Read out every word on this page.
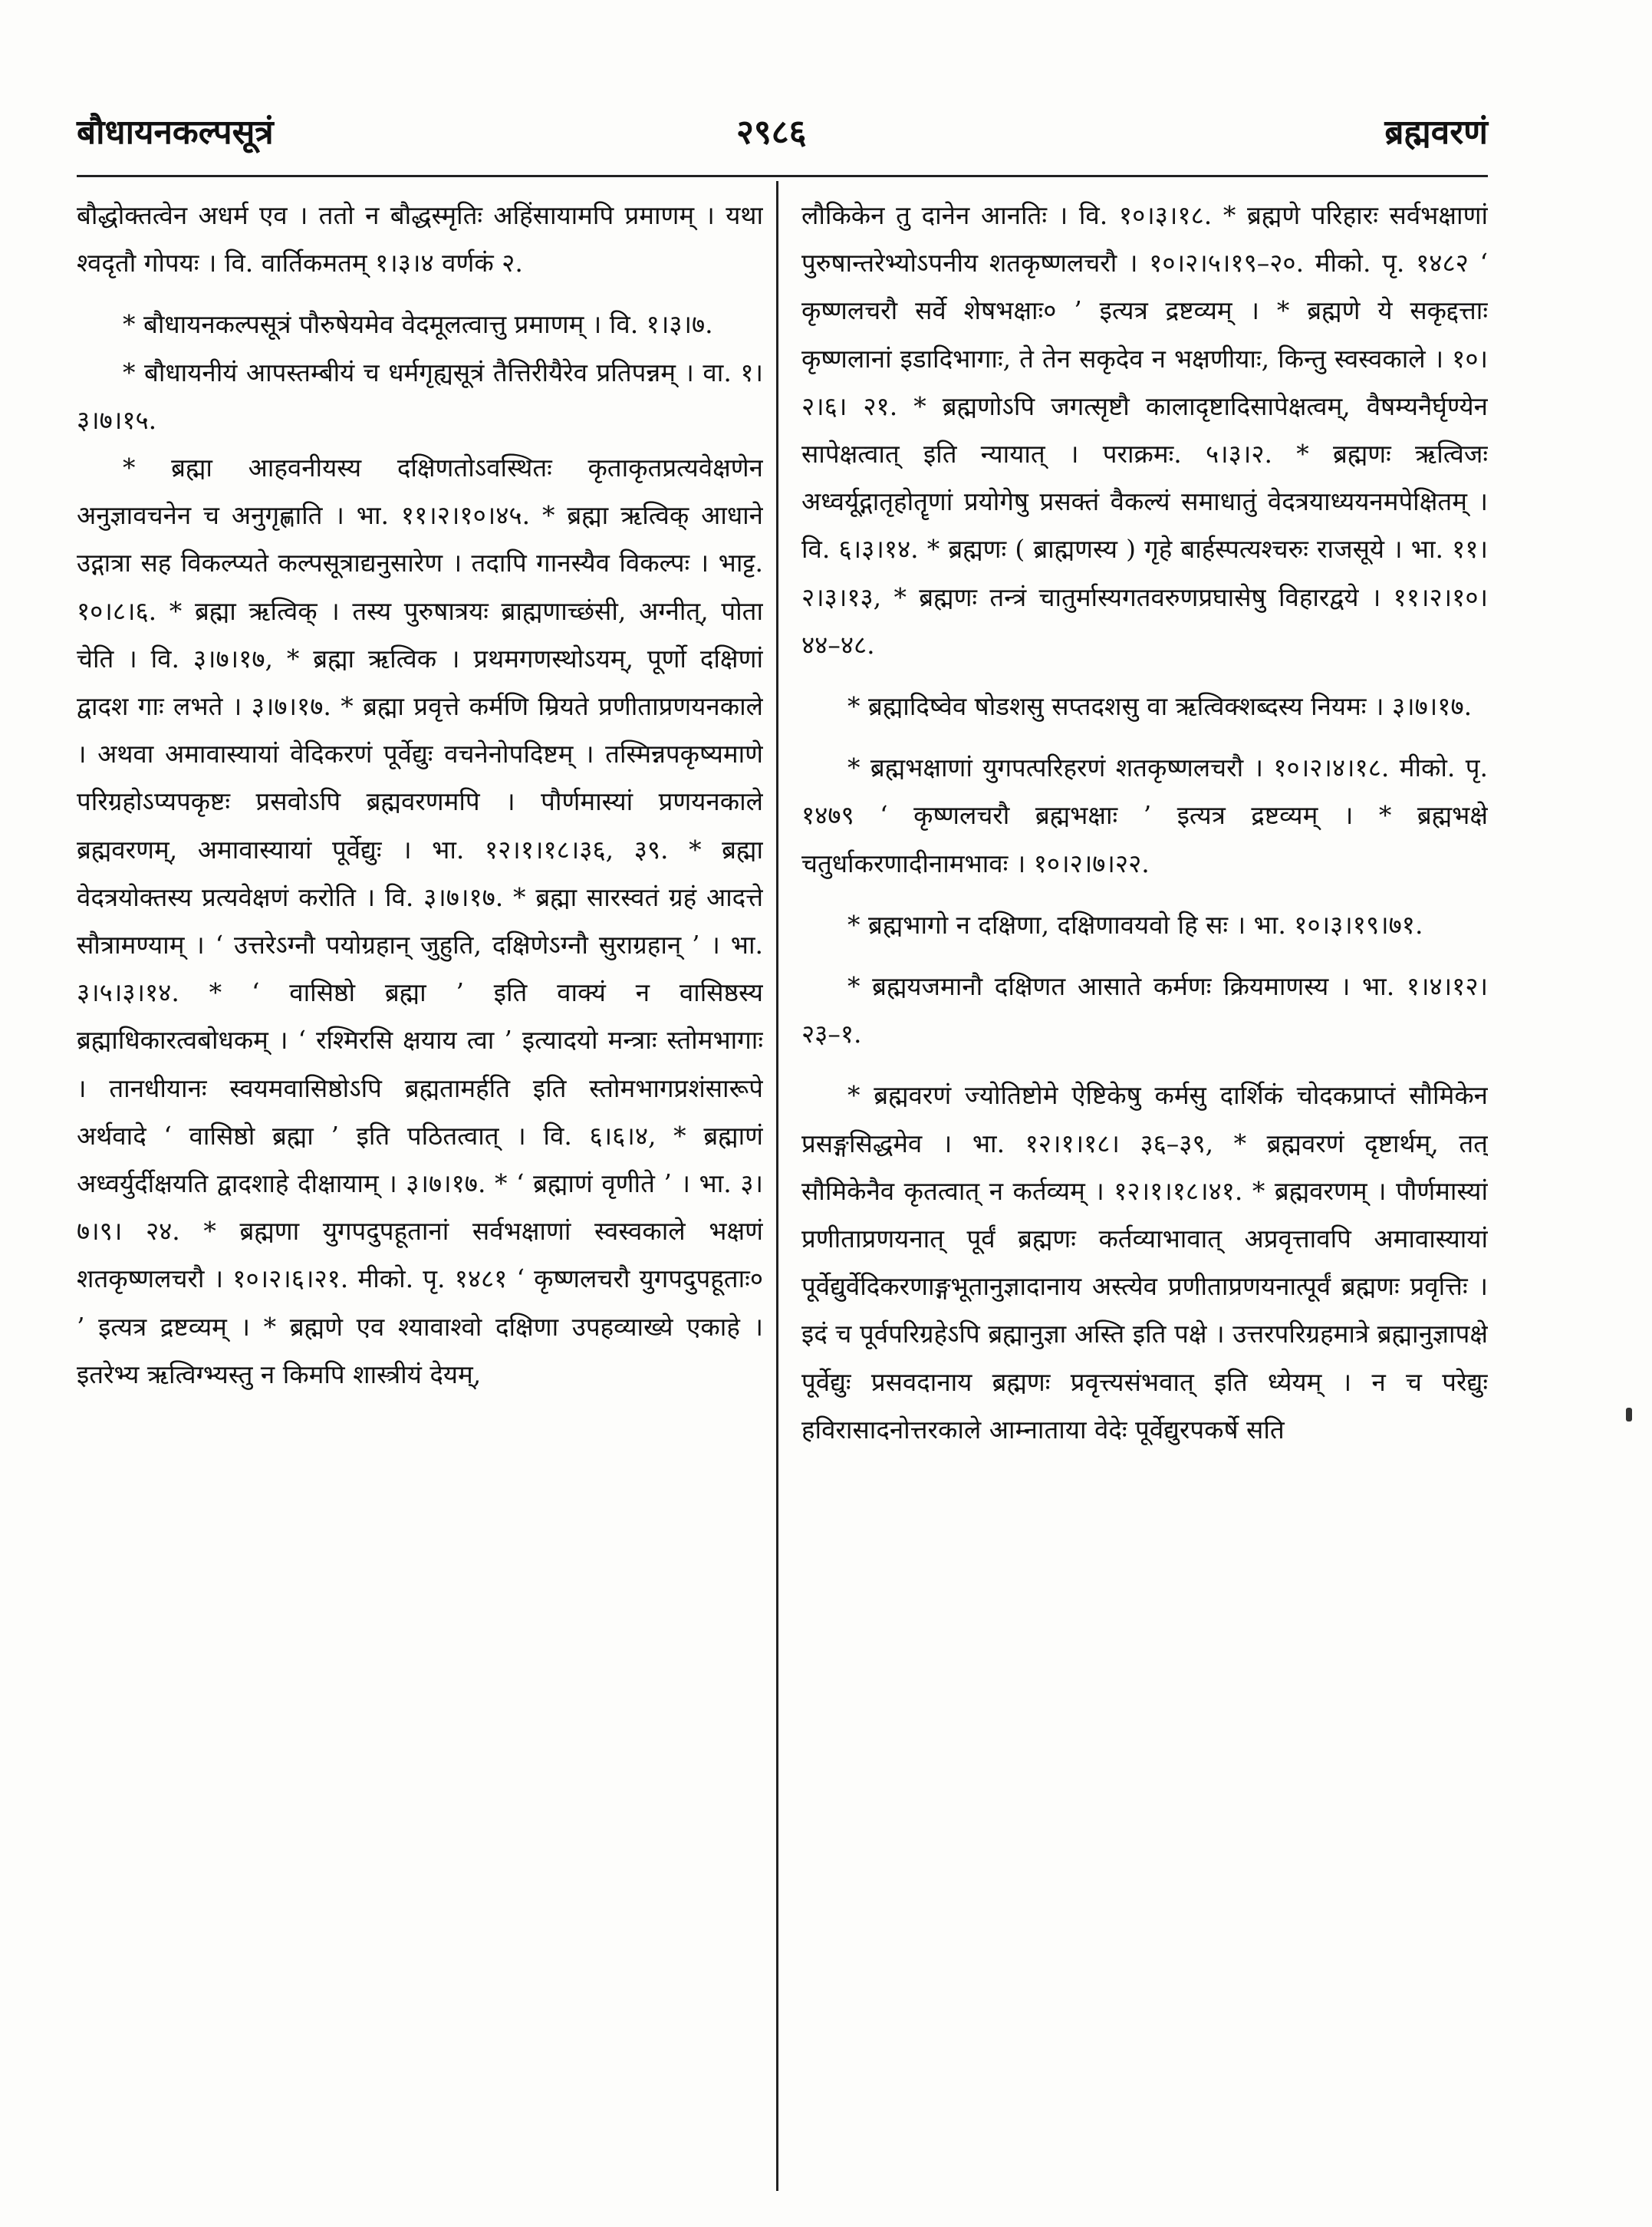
बौधायनकल्पसूत्रं	२९८६	ब्रह्मवरणं

बौद्धोक्तत्वेन अधर्म एव । ततो न बौद्धस्मृतिः अहिंसायामपि प्रमाणम् । यथा श्वदृतौ गोपयः । वि. वार्तिकमतम् १।३।४ वर्णकं २.

* बौधायनकल्पसूत्रं पौरुषेयमेव वेदमूलत्वात्तु प्रमाणम् । वि. १।३।७.

* बौधायनीयं आपस्तम्बीयं च धर्मगृह्यसूत्रं तैत्तिरीयैरेव प्रतिपन्नम् । वा. १।३।७।१५.

* ब्रह्मा आहवनीयस्य दक्षिणतोऽवस्थितः कृताकृतप्रत्यवेक्षणेन अनुज्ञावचनेन च अनुगृह्णाति । भा. ११।२।१०।४५. * ब्रह्मा ऋत्विक् आधाने उद्गात्रा सह विकल्प्यते कल्पसूत्राद्यनुसारेण । तदापि गानस्यैव विकल्पः । भाट्ट. १०।८।६. * ब्रह्मा ऋत्विक् । तस्य पुरुषात्रयः ब्राह्मणाच्छंसी, अग्नीत्, पोता चेति । वि. ३।७।१७, * ब्रह्मा ऋत्विक । प्रथमगणस्थोऽयम्, पूर्णो दक्षिणां द्वादश गाः लभते । ३।७।१७. * ब्रह्मा प्रवृत्ते कर्मणि म्रियते प्रणीताप्रणयनकाले । अथवा अमावास्यायां वेदिकरणं पूर्वेद्युः वचनेनोपदिष्टम् । तस्मिन्नपकृष्यमाणे परिग्रहोऽप्यपकृष्टः प्रसवोऽपि ब्रह्मवरणमपि । पौर्णमास्यां प्रणयनकाले ब्रह्मवरणम्, अमावास्यायां पूर्वेद्युः । भा. १२।१।१८।३६, ३९. * ब्रह्मा वेदत्रयोक्तस्य प्रत्यवेक्षणं करोति । वि. ३।७।१७. * ब्रह्मा सारस्वतं ग्रहं आदत्ते सौत्रामण्याम् । ‘ उत्तरेऽग्नौ पयोग्रहान् जुहुति, दक्षिणेऽग्नौ सुराग्रहान् ’ । भा. ३।५।३।१४. * ‘ वासिष्ठो ब्रह्मा ’ इति वाक्यं न वासिष्ठस्य ब्रह्माधिकारत्वबोधकम् । ‘ रश्मिरसि क्षयाय त्वा ’ इत्यादयो मन्त्राः स्तोमभागाः । तानधीयानः स्वयमवासिष्ठोऽपि ब्रह्मतामर्हति इति स्तोमभागप्रशंसारूपे अर्थवादे ‘ वासिष्ठो ब्रह्मा ’ इति पठितत्वात् । वि. ६।६।४, * ब्रह्माणं अध्वर्युर्दीक्षयति द्वादशाहे दीक्षायाम् । ३।७।१७. * ‘ ब्रह्माणं वृणीते ’ । भा. ३।७।९। २४. * ब्रह्मणा युगपदुपहूतानां सर्वभक्षाणां स्वस्वकाले भक्षणं शतकृष्णलचरौ । १०।२।६।२१. मीको. पृ. १४८१ ‘ कृष्णलचरौ युगपदुपहूताः० ’ इत्यत्र द्रष्टव्यम् । * ब्रह्मणे एव श्यावाश्वो दक्षिणा उपहव्याख्ये एकाहे । इतरेभ्य ऋत्विग्भ्यस्तु न किमपि शास्त्रीयं देयम्,

लौकिकेन तु दानेन आनतिः । वि. १०।३।१८. * ब्रह्मणे परिहारः सर्वभक्षाणां पुरुषान्तरेभ्योऽपनीय शतकृष्णलचरौ । १०।२।५।१९–२०. मीको. पृ. १४८२ ‘ कृष्णलचरौ सर्वे शेषभक्षाः० ’ इत्यत्र द्रष्टव्यम् । * ब्रह्मणे ये सकृद्दत्ताः कृष्णलानां इडादिभागाः, ते तेन सकृदेव न भक्षणीयाः, किन्तु स्वस्वकाले । १०।२।६। २१. * ब्रह्मणोऽपि जगत्सृष्टौ कालादृष्टादिसापेक्षत्वम्, वैषम्यनैर्घृण्येन सापेक्षत्वात् इति न्यायात् । पराक्रमः. ५।३।२. * ब्रह्मणः ऋत्विजः अध्वर्यूद्गातृहोतॄणां प्रयोगेषु प्रसक्तं वैकल्यं समाधातुं वेदत्रयाध्ययनमपेक्षितम् । वि. ६।३।१४. * ब्रह्मणः ( ब्राह्मणस्य ) गृहे बार्हस्पत्यश्चरुः राजसूये । भा. ११।२।३।१३, * ब्रह्मणः तन्त्रं चातुर्मास्यगतवरुणप्रघासेषु विहारद्वये । ११।२।१०। ४४–४८.

* ब्रह्मादिष्वेव षोडशसु सप्तदशसु वा ऋत्विक्शब्दस्य नियमः । ३।७।१७.

* ब्रह्मभक्षाणां युगपत्परिहरणं शतकृष्णलचरौ । १०।२।४।१८. मीको. पृ. १४७९ ‘ कृष्णलचरौ ब्रह्मभक्षाः ’ इत्यत्र द्रष्टव्यम् । * ब्रह्मभक्षे चतुर्धाकरणादीनामभावः । १०।२।७।२२.

* ब्रह्मभागो न दक्षिणा, दक्षिणावयवो हि सः । भा. १०।३।१९।७१.

* ब्रह्मयजमानौ दक्षिणत आसाते कर्मणः क्रियमाणस्य । भा. १।४।१२।२३–१.

* ब्रह्मवरणं ज्योतिष्टोमे ऐष्टिकेषु कर्मसु दार्शिकं चोदकप्राप्तं सौमिकेन प्रसङ्गसिद्धमेव । भा. १२।१।१८। ३६–३९, * ब्रह्मवरणं दृष्टार्थम्, तत् सौमिकेनैव कृतत्वात् न कर्तव्यम् । १२।१।१८।४१. * ब्रह्मवरणम् । पौर्णमास्यां प्रणीताप्रणयनात् पूर्वं ब्रह्मणः कर्तव्याभावात् अप्रवृत्तावपि अमावास्यायां पूर्वेद्युर्वेदिकरणाङ्गभूतानुज्ञादानाय अस्त्येव प्रणीताप्रणयनात्पूर्वं ब्रह्मणः प्रवृत्तिः । इदं च पूर्वपरिग्रहेऽपि ब्रह्मानुज्ञा अस्ति इति पक्षे । उत्तरपरिग्रहमात्रे ब्रह्मानुज्ञापक्षे पूर्वेद्युः प्रसवदानाय ब्रह्मणः प्रवृत्त्यसंभवात् इति ध्येयम् । न च परेद्युः हविरासादनोत्तरकाले आम्नाताया वेदेः पूर्वेद्युरपकर्षे सति
